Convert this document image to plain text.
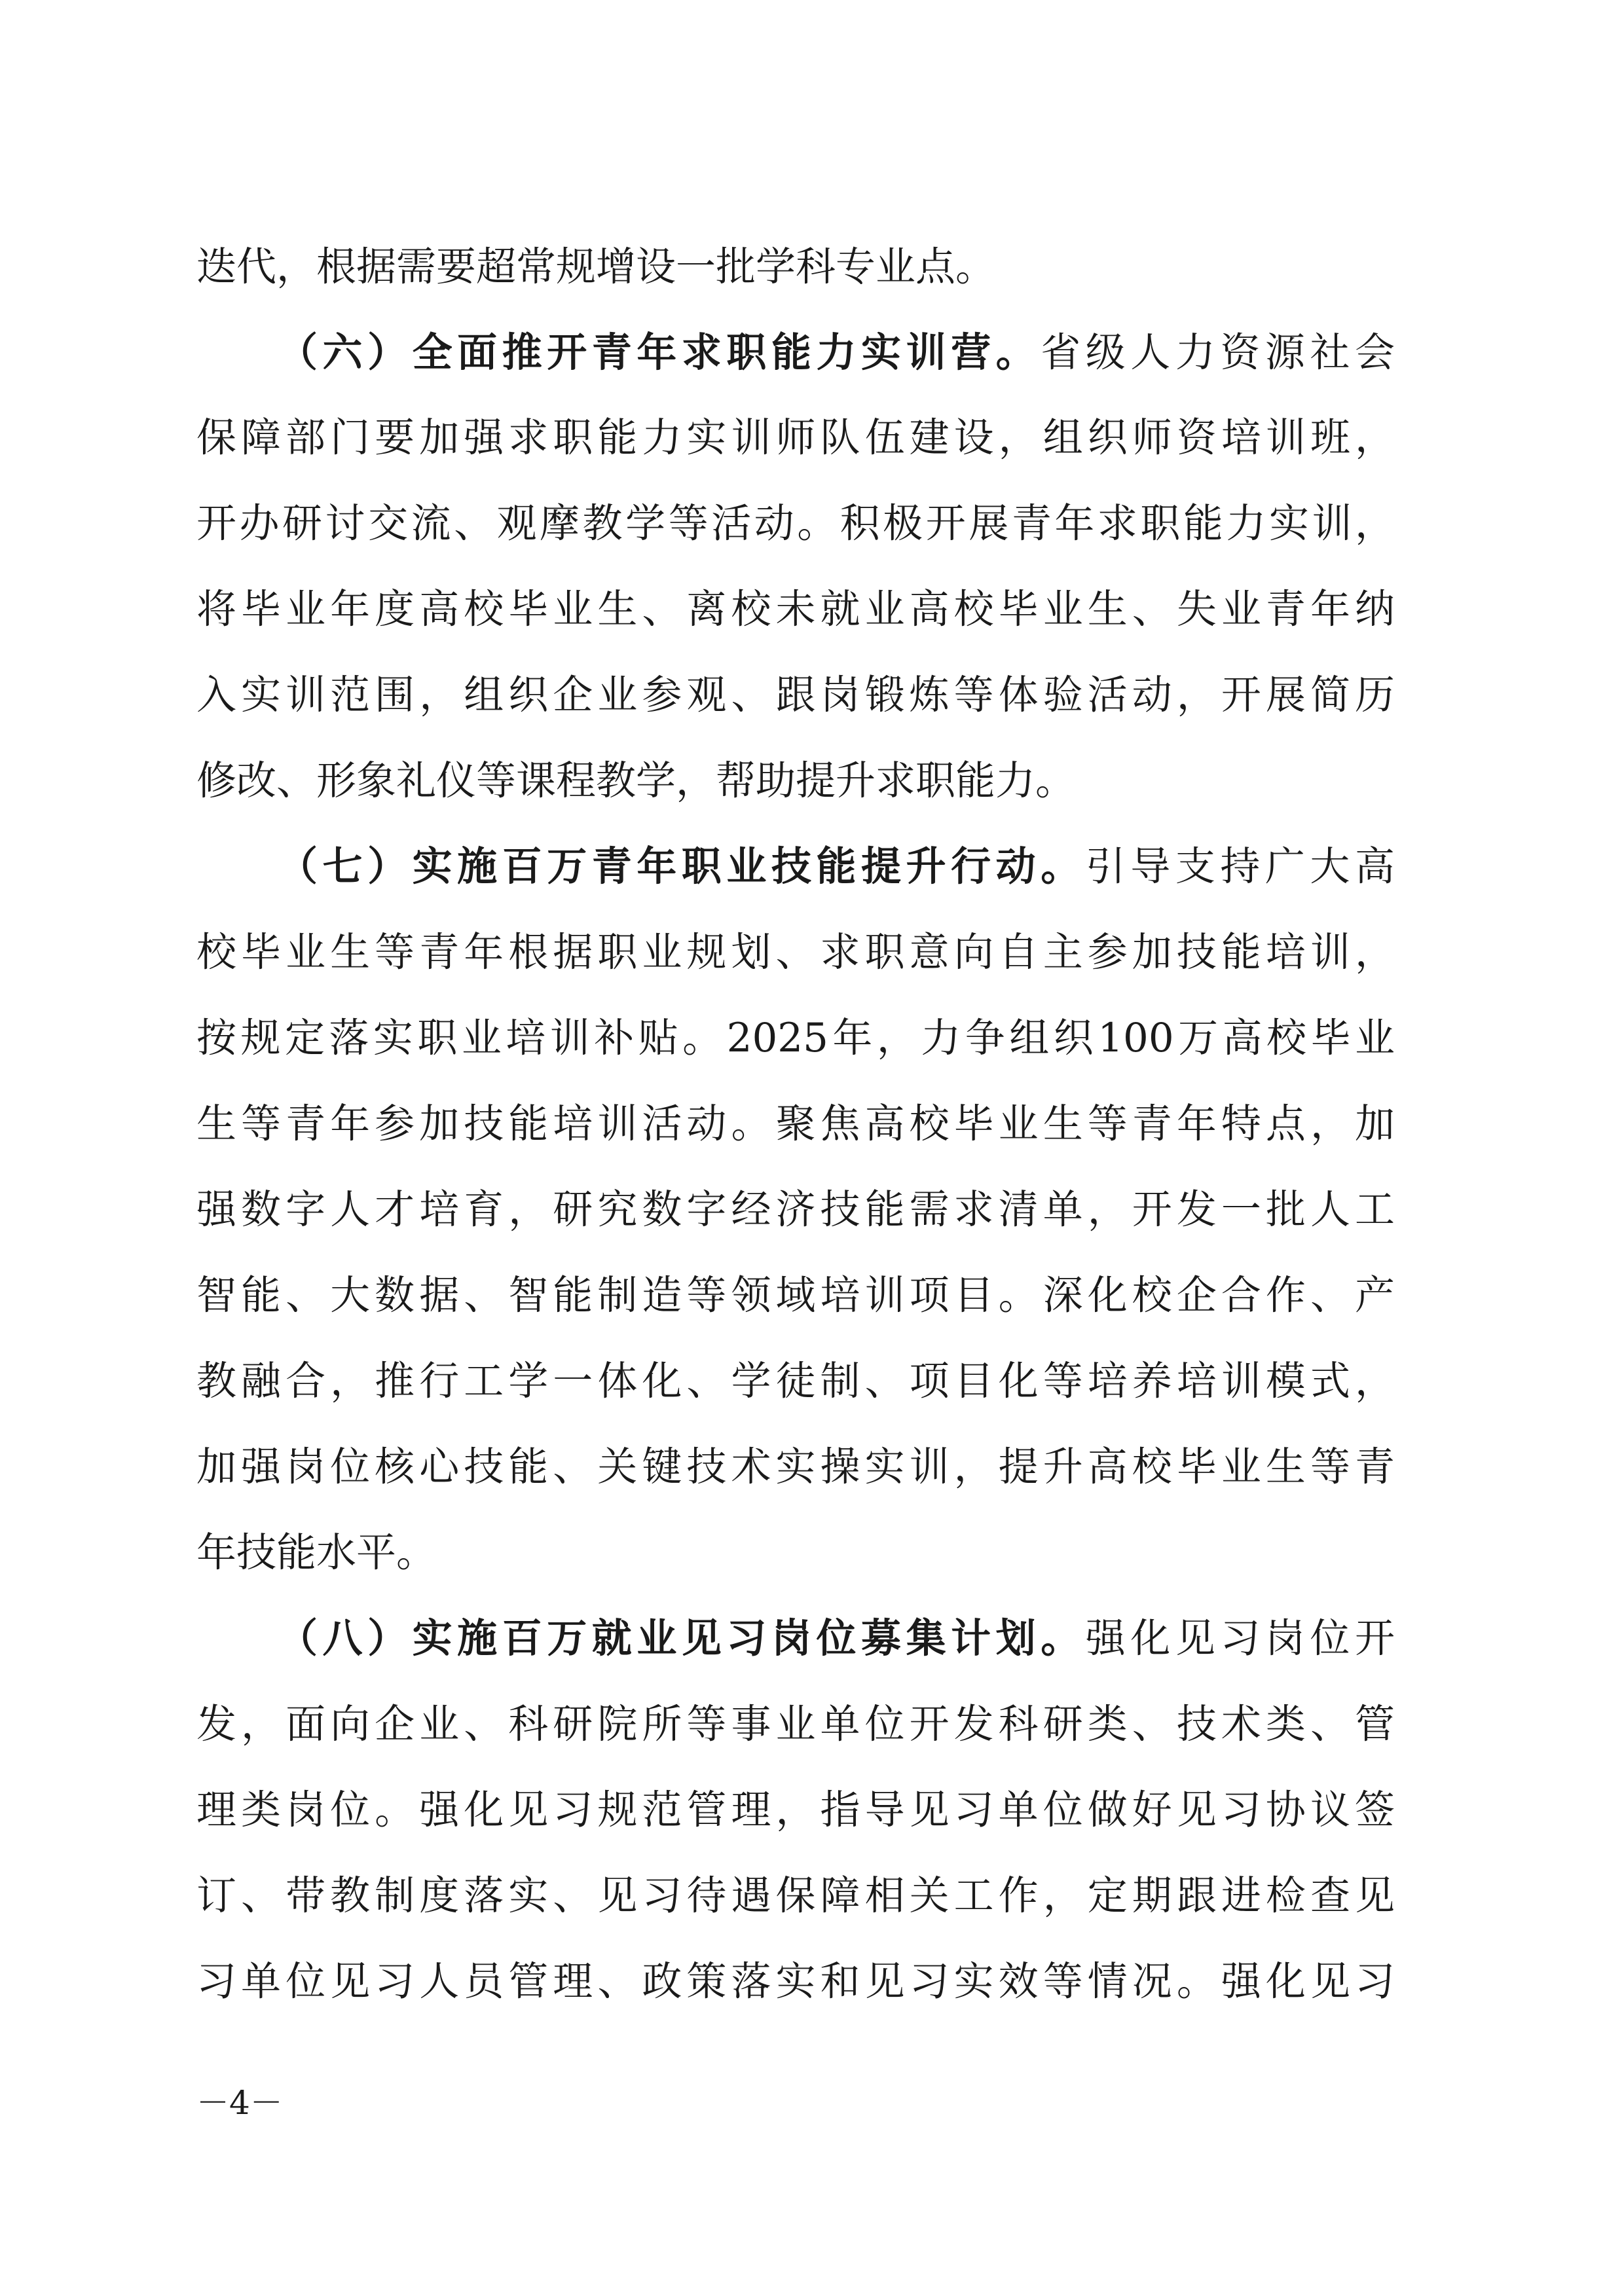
迭代，根据需要超常规增设一批学科专业点。
（六）全面推开青年求职能力实训营。省级人力资源社会
保障部门要加强求职能力实训师队伍建设，组织师资培训班，
开办研讨交流、观摩教学等活动。积极开展青年求职能力实训，
将毕业年度高校毕业生、离校未就业高校毕业生、失业青年纳
入实训范围，组织企业参观、跟岗锻炼等体验活动，开展简历
修改、形象礼仪等课程教学，帮助提升求职能力。
（七）实施百万青年职业技能提升行动。引导支持广大高
校毕业生等青年根据职业规划、求职意向自主参加技能培训，
按规定落实职业培训补贴。2025年，力争组织100万高校毕业
生等青年参加技能培训活动。聚焦高校毕业生等青年特点，加
强数字人才培育，研究数字经济技能需求清单，开发一批人工
智能、大数据、智能制造等领域培训项目。深化校企合作、产
教融合，推行工学一体化、学徒制、项目化等培养培训模式，
加强岗位核心技能、关键技术实操实训，提升高校毕业生等青
年技能水平。
（八）实施百万就业见习岗位募集计划。强化见习岗位开
发，面向企业、科研院所等事业单位开发科研类、技术类、管
理类岗位。强化见习规范管理，指导见习单位做好见习协议签
订、带教制度落实、见习待遇保障相关工作，定期跟进检查见
习单位见习人员管理、政策落实和见习实效等情况。强化见习
－4－
